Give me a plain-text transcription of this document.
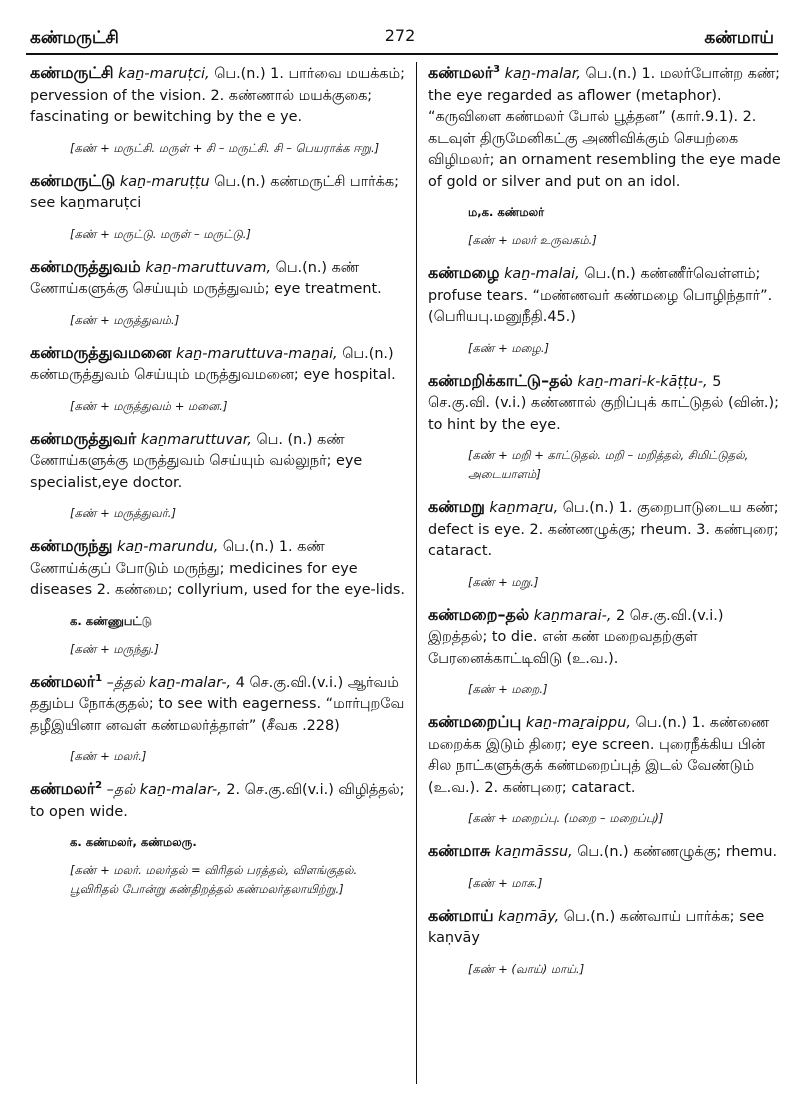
கண்மருட்சி	272	கண்மாய்

கண்மருட்சி kaṉ-maruṭci, பெ.(n.) 1. பார்வை மயக்கம்; pervession of the vision. 2. கண்ணால் மயக்குகை; fascinating or bewitching by the e ye.

[கண் + மருட்சி. மருள் + சி – மருட்சி. சி – பெயராக்க ஈறு.]

கண்மருட்டு kaṉ-maruṭṭu பெ.(n.) கண்மருட்சி பார்க்க; see kaṉmaruṭci

[கண் + மருட்டு. மருள் – மருட்டு.]

கண்மருத்துவம் kaṉ-maruttuvam, பெ.(n.) கண் ணோய்களுக்கு செய்யும் மருத்துவம்; eye treatment.

[கண் + மருத்துவம்.]

கண்மருத்துவமனை kaṉ-maruttuva-maṉai, பெ.(n.) கண்மருத்துவம் செய்யும் மருத்துவமனை; eye hospital.

[கண் + மருத்துவம் + மனை.]

கண்மருத்துவர் kaṉmaruttuvar, பெ. (n.) கண் ணோய்களுக்கு மருத்துவம் செய்யும் வல்லுநர்; eye specialist,eye doctor.

[கண் + மருத்துவர்.]

கண்மருந்து kaṉ-marundu, பெ.(n.) 1. கண் ணோய்க்குப் போடும் மருந்து; medicines for eye diseases 2. கண்மை; collyrium, used for the eye-lids.

க. கண்ணுபட்டு
[கண் + மருந்து.]

கண்மலர்$^1$ –த்தல் kaṉ-malar-, 4 செ.கு.வி.(v.i.) ஆர்வம் ததும்ப நோக்குதல்; to see with eagerness. “மார்புறவே தழீஇயினா னவள் கண்மலர்த்தாள்” (சீவக .228)

[கண் + மலர்.]

கண்மலர்$^2$ –தல் kaṉ-malar-, 2. செ.கு.வி(v.i.) விழித்தல்; to open wide.

க. கண்மலர், கண்மலரு.
[கண் + மலர். மலர்தல் = விரிதல் பரத்தல், விளங்குதல். பூவிரிதல் போன்று கண்திறத்தல் கண்மலர்தலாயிற்று.]

கண்மலர்$^3$ kaṉ-malar, பெ.(n.) 1. மலர்போன்ற கண்; the eye regarded as aflower (metaphor). “கருவிளை கண்மலர் போல் பூத்தன” (கார்.9.1). 2. கடவுள் திருமேனிகட்கு அணிவிக்கும் செயற்கை விழிமலர்; an ornament resembling the eye made of gold or silver and put on an idol.

ம,க. கண்மலர்
[கண் + மலர் உருவகம்.]

கண்மழை kaṉ-malai, பெ.(n.) கண்ணீர்வெள்ளம்; profuse tears. “மண்ணவர் கண்மழை பொழிந்தார்”. (பெரியபு.மனுநீதி.45.)

[கண் + மழை.]

கண்மறிக்காட்டு–தல் kaṉ-mari-k-kāṭṭu-, 5 செ.கு.வி. (v.i.) கண்ணால் குறிப்புக் காட்டுதல் (வின்.); to hint by the eye.

[கண் + மறி + காட்டுதல். மறி – மறித்தல், சிமிட்டுதல், அடையாளம்]

கண்மறு kaṉmaṟu, பெ.(n.) 1. குறைபாடுடைய கண்; defect is eye. 2. கண்ணழுக்கு; rheum. 3. கண்புரை; cataract.

[கண் + மறு.]

கண்மறை–தல் kaṉmarai-, 2 செ.கு.வி.(v.i.) இறத்தல்; to die. என் கண் மறைவதற்குள் பேரனைக்காட்டிவிடு (உ.வ.).

[கண் + மறை.]

கண்மறைப்பு kaṉ-maṟaippu, பெ.(n.) 1. கண்ணை மறைக்க இடும் திரை; eye screen. புரைநீக்கிய பின் சில நாட்களுக்குக் கண்மறைப்புத் இடல் வேண்டும் (உ.வ.). 2. கண்புரை; cataract.

[கண் + மறைப்பு. (மறை – மறைப்பு)]

கண்மாசு kaṉmāssu, பெ.(n.) கண்ணழுக்கு; rhemu.

[கண் + மாசு.]

கண்மாய் kaṉmāy, பெ.(n.) கண்வாய் பார்க்க; see kaṇvāy

[கண் + (வாய்) மாய்.]
